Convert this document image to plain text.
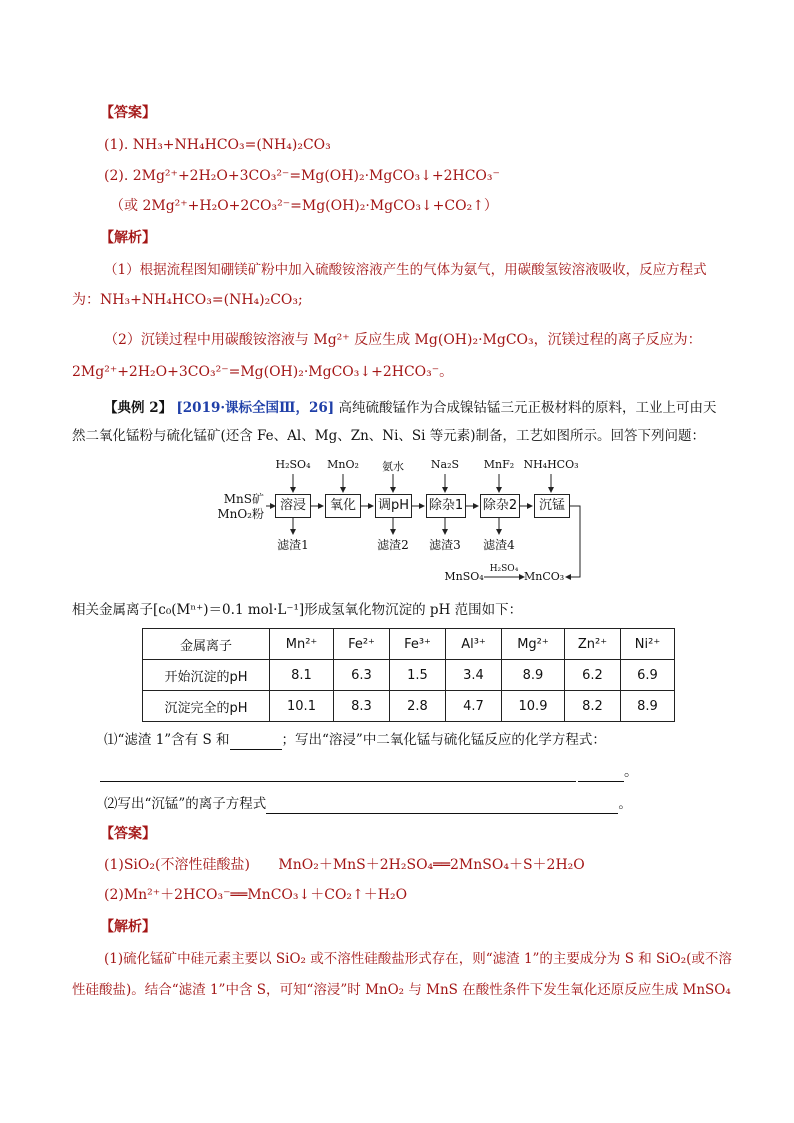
【答案】
(1). NH₃+NH₄HCO₃=(NH₄)₂CO₃
(2). 2Mg²⁺+2H₂O+3CO₃²⁻=Mg(OH)₂·MgCO₃↓+2HCO₃⁻
（或 2Mg²⁺+H₂O+2CO₃²⁻=Mg(OH)₂·MgCO₃↓+CO₂↑）
【解析】
（1）根据流程图知硼镁矿粉中加入硫酸铵溶液产生的气体为氨气，用碳酸氢铵溶液吸收，反应方程式
为：NH₃+NH₄HCO₃=(NH₄)₂CO₃;
（2）沉镁过程中用碳酸铵溶液与 Mg²⁺ 反应生成 Mg(OH)₂·MgCO₃，沉镁过程的离子反应为：
2Mg²⁺+2H₂O+3CO₃²⁻=Mg(OH)₂·MgCO₃↓+2HCO₃⁻。
【典例 2】 [2019·课标全国Ⅲ，26] 高纯硫酸锰作为合成镍钴锰三元正极材料的原料，工业上可由天
然二氧化锰粉与硫化锰矿(还含 Fe、Al、Mg、Zn、Ni、Si 等元素)制备，工艺如图所示。回答下列问题：
MnS矿
MnO₂粉
溶浸	氧化	调pH 除杂1 除杂2	沉锰
H₂SO₄	MnO₂	氨水	Na₂S	MnF₂ NH₄HCO₃
滤渣1	滤渣2	滤渣3	滤渣4
MnSO₄
H₂SO₄
MnCO₃
相关金属离子[c₀(Mⁿ⁺)＝0.1 mol·L⁻¹]形成氢氧化物沉淀的 pH 范围如下：
金属离子	Mn²⁺	Fe²⁺	Fe³⁺	Al³⁺	Mg²⁺	Zn²⁺	Ni²⁺
开始沉淀的pH	8.1	6.3	1.5	3.4	8.9	6.2	6.9
沉淀完全的pH	10.1	8.3	2.8	4.7	10.9	8.2	8.9
⑴“滤渣 1”含有 S 和	；写出“溶浸”中二氧化锰与硫化锰反应的化学方程式：
。
⑵写出“沉锰”的离子方程式	。
【答案】
(1)SiO₂(不溶性硅酸盐) MnO₂＋MnS＋2H₂SO₄══2MnSO₄＋S＋2H₂O
(2)Mn²⁺＋2HCO₃⁻══MnCO₃↓＋CO₂↑＋H₂O
【解析】
(1)硫化锰矿中硅元素主要以 SiO₂ 或不溶性硅酸盐形式存在，则“滤渣 1”的主要成分为 S 和 SiO₂(或不溶
性硅酸盐)。结合“滤渣 1”中含 S，可知“溶浸”时 MnO₂ 与 MnS 在酸性条件下发生氧化还原反应生成 MnSO₄
